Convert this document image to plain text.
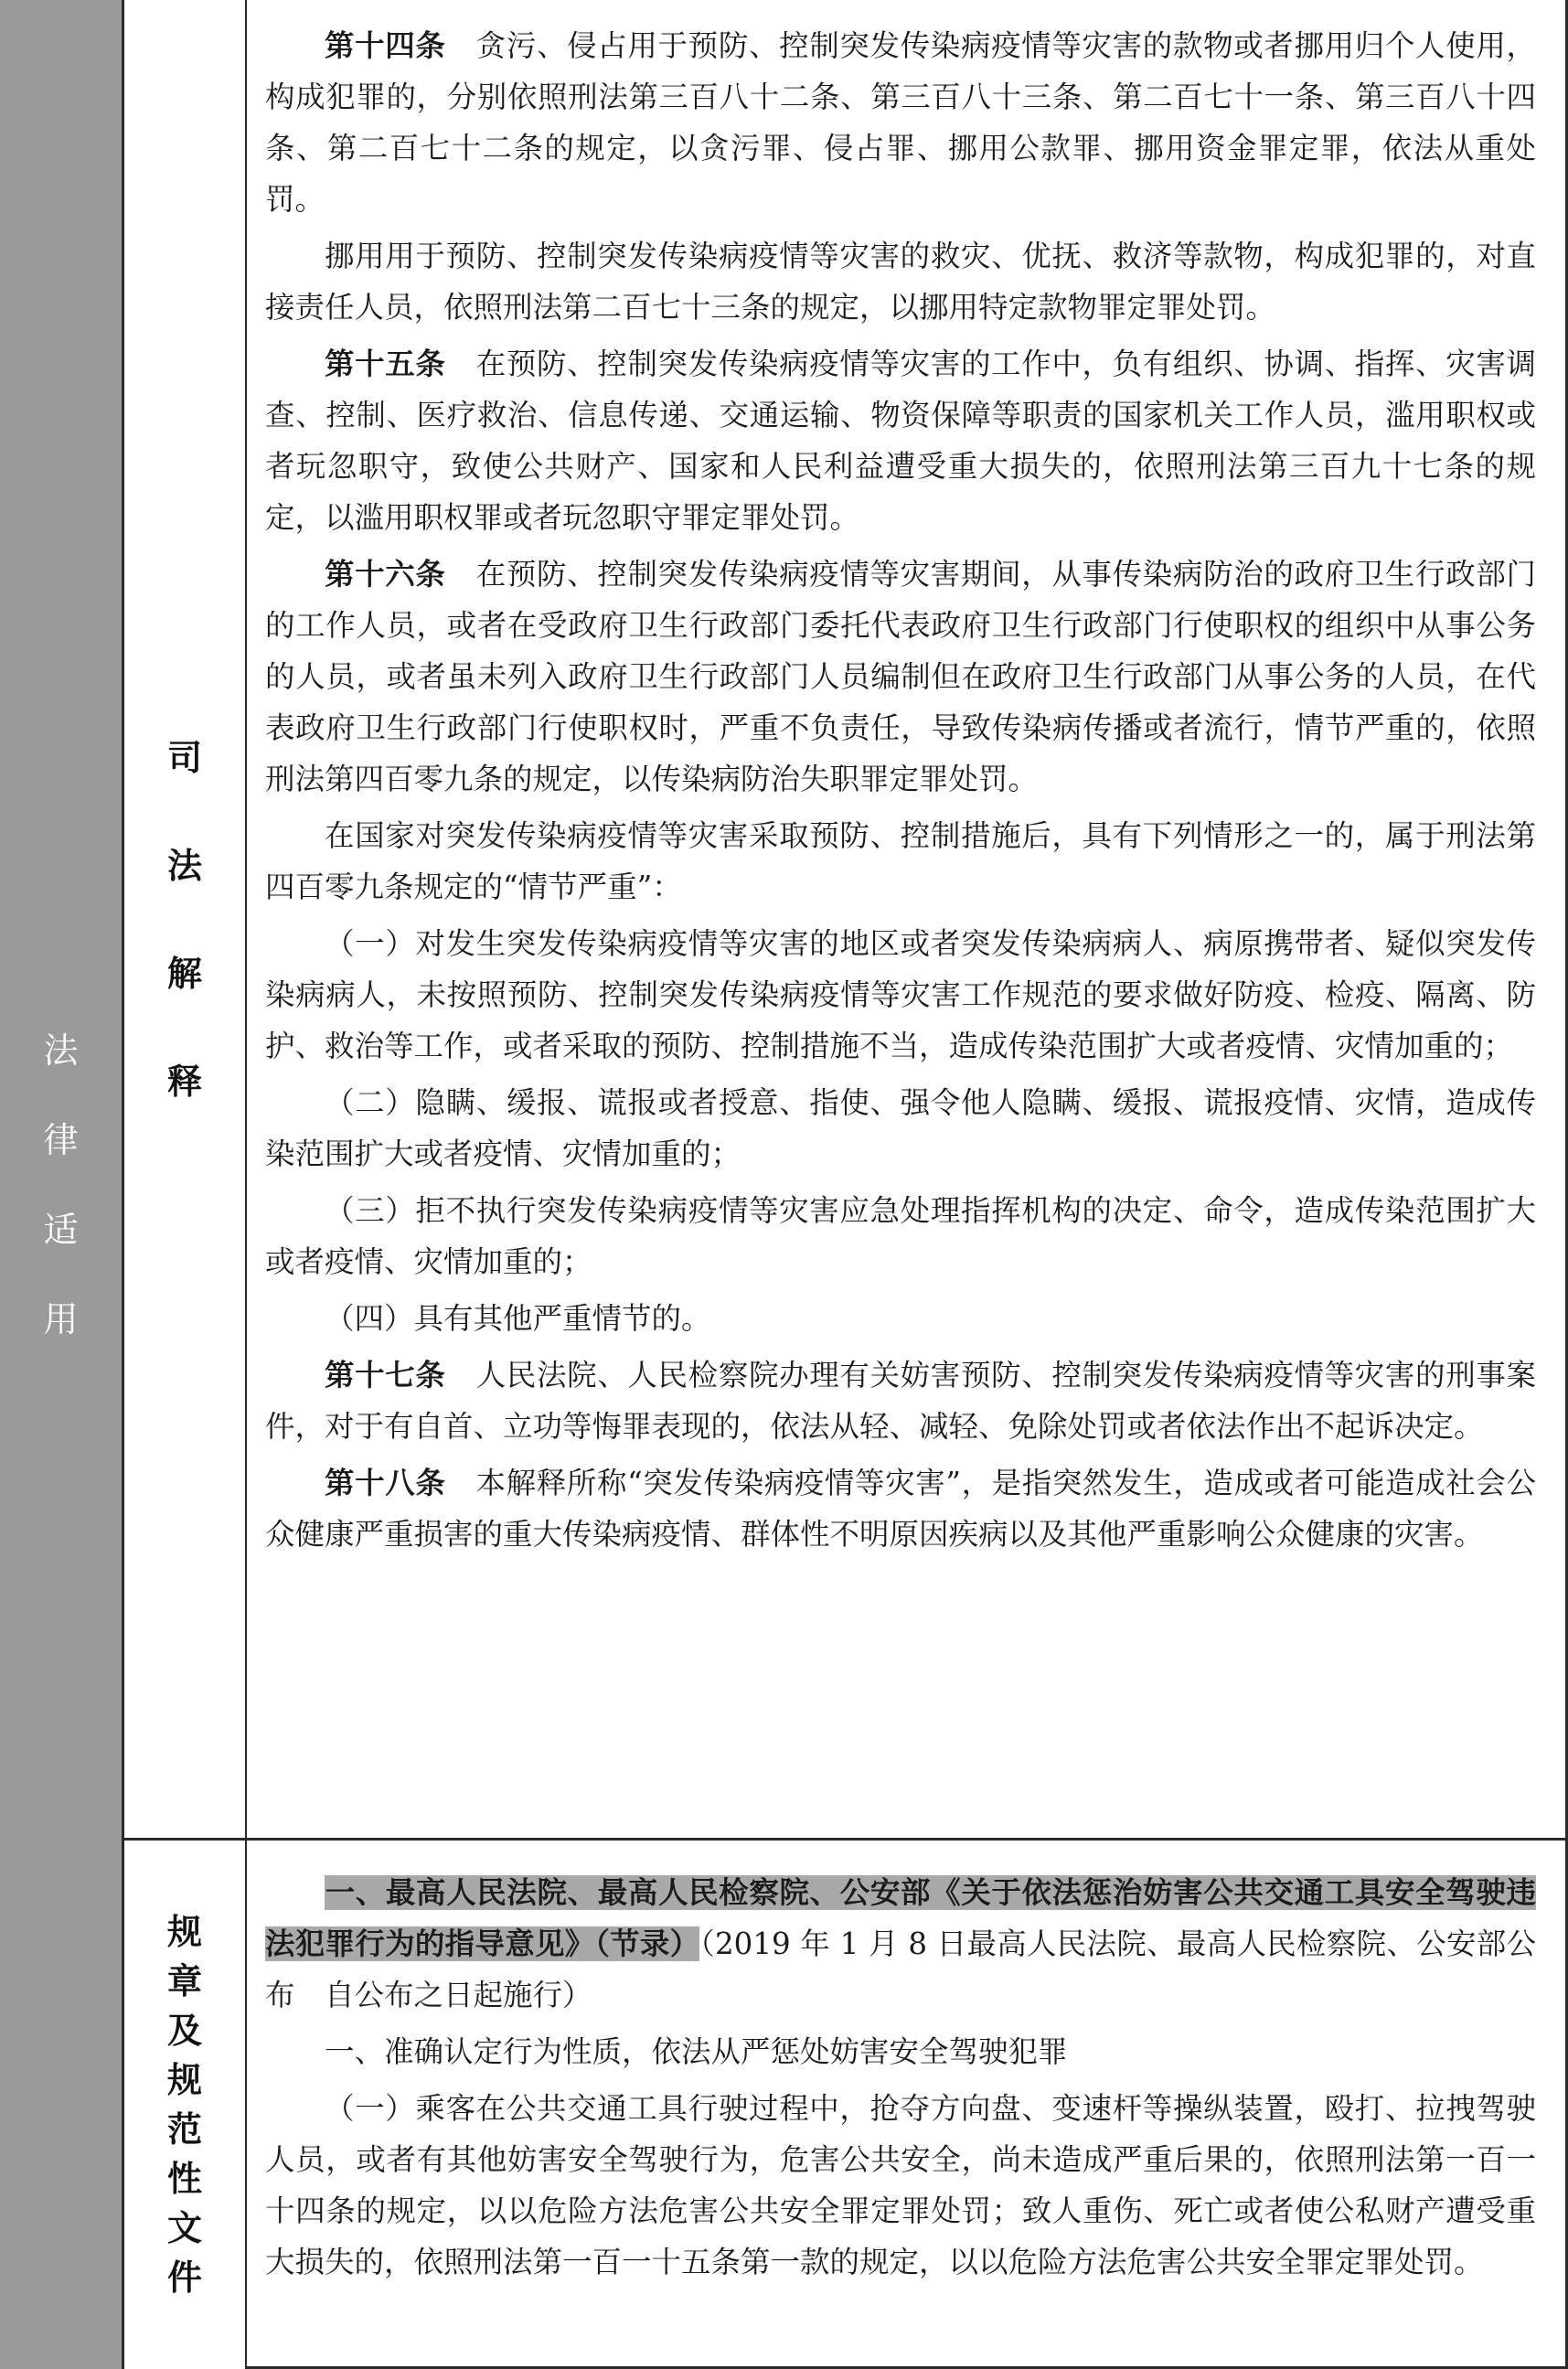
法
律
适
用
司
法
解
释
规
章
及
规
范
性
文
件

第十四条　贪污、侵占用于预防、控制突发传染病疫情等灾害的款物或者挪用归个人使用，构成犯罪的，分别依照刑法第三百八十二条、第三百八十三条、第二百七十一条、第三百八十四条、第二百七十二条的规定，以贪污罪、侵占罪、挪用公款罪、挪用资金罪定罪，依法从重处罚。

挪用用于预防、控制突发传染病疫情等灾害的救灾、优抚、救济等款物，构成犯罪的，对直接责任人员，依照刑法第二百七十三条的规定，以挪用特定款物罪定罪处罚。

第十五条　在预防、控制突发传染病疫情等灾害的工作中，负有组织、协调、指挥、灾害调查、控制、医疗救治、信息传递、交通运输、物资保障等职责的国家机关工作人员，滥用职权或者玩忽职守，致使公共财产、国家和人民利益遭受重大损失的，依照刑法第三百九十七条的规定，以滥用职权罪或者玩忽职守罪定罪处罚。

第十六条　在预防、控制突发传染病疫情等灾害期间，从事传染病防治的政府卫生行政部门的工作人员，或者在受政府卫生行政部门委托代表政府卫生行政部门行使职权的组织中从事公务的人员，或者虽未列入政府卫生行政部门人员编制但在政府卫生行政部门从事公务的人员，在代表政府卫生行政部门行使职权时，严重不负责任，导致传染病传播或者流行，情节严重的，依照刑法第四百零九条的规定，以传染病防治失职罪定罪处罚。

在国家对突发传染病疫情等灾害采取预防、控制措施后，具有下列情形之一的，属于刑法第四百零九条规定的“情节严重”：

（一）对发生突发传染病疫情等灾害的地区或者突发传染病病人、病原携带者、疑似突发传染病病人，未按照预防、控制突发传染病疫情等灾害工作规范的要求做好防疫、检疫、隔离、防护、救治等工作，或者采取的预防、控制措施不当，造成传染范围扩大或者疫情、灾情加重的；

（二）隐瞒、缓报、谎报或者授意、指使、强令他人隐瞒、缓报、谎报疫情、灾情，造成传染范围扩大或者疫情、灾情加重的；

（三）拒不执行突发传染病疫情等灾害应急处理指挥机构的决定、命令，造成传染范围扩大或者疫情、灾情加重的；

（四）具有其他严重情节的。

第十七条　人民法院、人民检察院办理有关妨害预防、控制突发传染病疫情等灾害的刑事案件，对于有自首、立功等悔罪表现的，依法从轻、减轻、免除处罚或者依法作出不起诉决定。

第十八条　本解释所称“突发传染病疫情等灾害”，是指突然发生，造成或者可能造成社会公众健康严重损害的重大传染病疫情、群体性不明原因疾病以及其他严重影响公众健康的灾害。

一、最高人民法院、最高人民检察院、公安部《关于依法惩治妨害公共交通工具安全驾驶违法犯罪行为的指导意见》（节录）（2019 年 1 月 8 日最高人民法院、最高人民检察院、公安部公布　自公布之日起施行）

一、准确认定行为性质，依法从严惩处妨害安全驾驶犯罪

（一）乘客在公共交通工具行驶过程中，抢夺方向盘、变速杆等操纵装置，殴打、拉拽驾驶人员，或者有其他妨害安全驾驶行为，危害公共安全，尚未造成严重后果的，依照刑法第一百一十四条的规定，以以危险方法危害公共安全罪定罪处罚；致人重伤、死亡或者使公私财产遭受重大损失的，依照刑法第一百一十五条第一款的规定，以以危险方法危害公共安全罪定罪处罚。
